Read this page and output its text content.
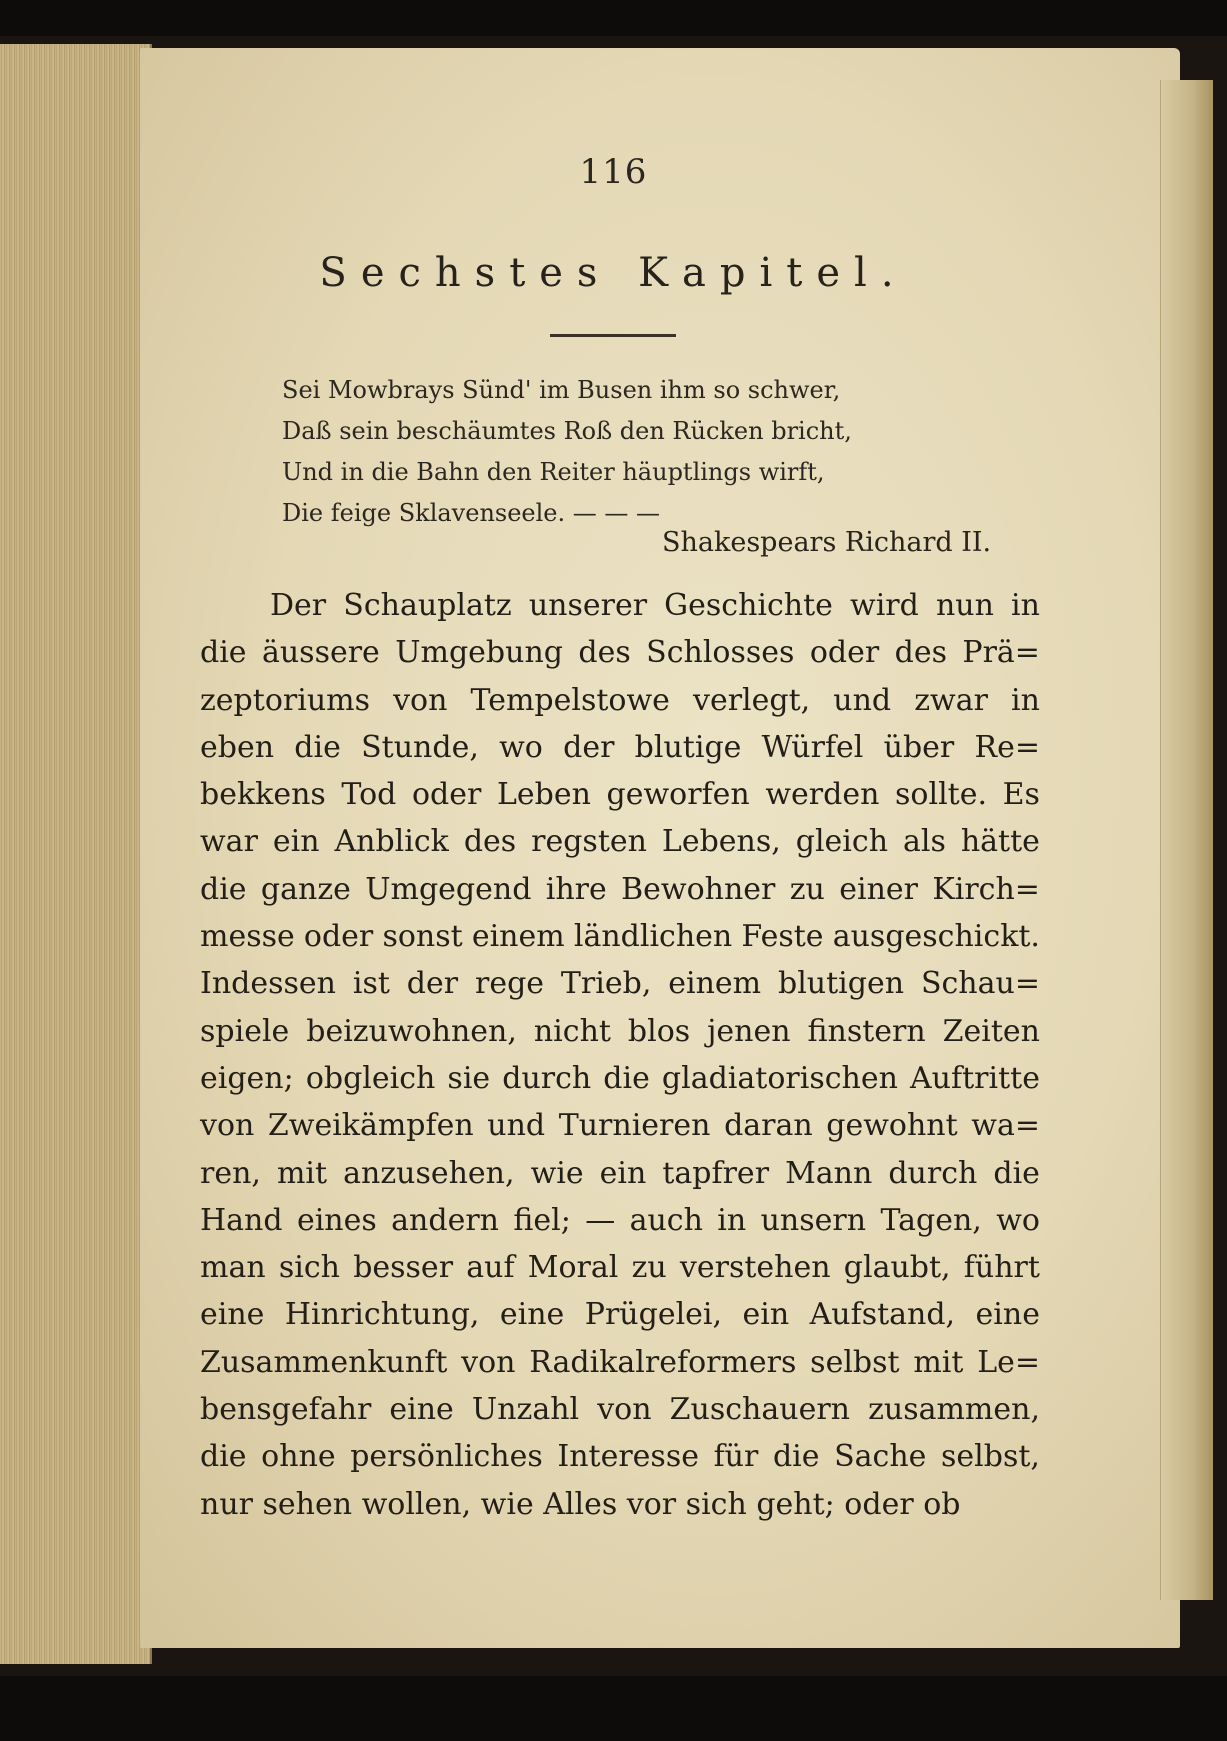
116
Sechstes Kapitel.
Sei Mowbrays Sünd' im Busen ihm so schwer,
Daß sein beschäumtes Roß den Rücken bricht,
Und in die Bahn den Reiter häuptlings wirft,
Die feige Sklavenseele. — — —
Shakespears Richard II.
Der Schauplatz unserer Geschichte wird nun in
die äussere Umgebung des Schlosses oder des Prä=
zeptoriums von Tempelstowe verlegt, und zwar in
eben die Stunde, wo der blutige Würfel über Re=
bekkens Tod oder Leben geworfen werden sollte. Es
war ein Anblick des regsten Lebens, gleich als hätte
die ganze Umgegend ihre Bewohner zu einer Kirch=
messe oder sonst einem ländlichen Feste ausgeschickt.
Indessen ist der rege Trieb, einem blutigen Schau=
spiele beizuwohnen, nicht blos jenen finstern Zeiten
eigen; obgleich sie durch die gladiatorischen Auftritte
von Zweikämpfen und Turnieren daran gewohnt wa=
ren, mit anzusehen, wie ein tapfrer Mann durch die
Hand eines andern fiel; — auch in unsern Tagen, wo
man sich besser auf Moral zu verstehen glaubt, führt
eine Hinrichtung, eine Prügelei, ein Aufstand, eine
Zusammenkunft von Radikalreformers selbst mit Le=
bensgefahr eine Unzahl von Zuschauern zusammen,
die ohne persönliches Interesse für die Sache selbst,
nur sehen wollen, wie Alles vor sich geht; oder ob
